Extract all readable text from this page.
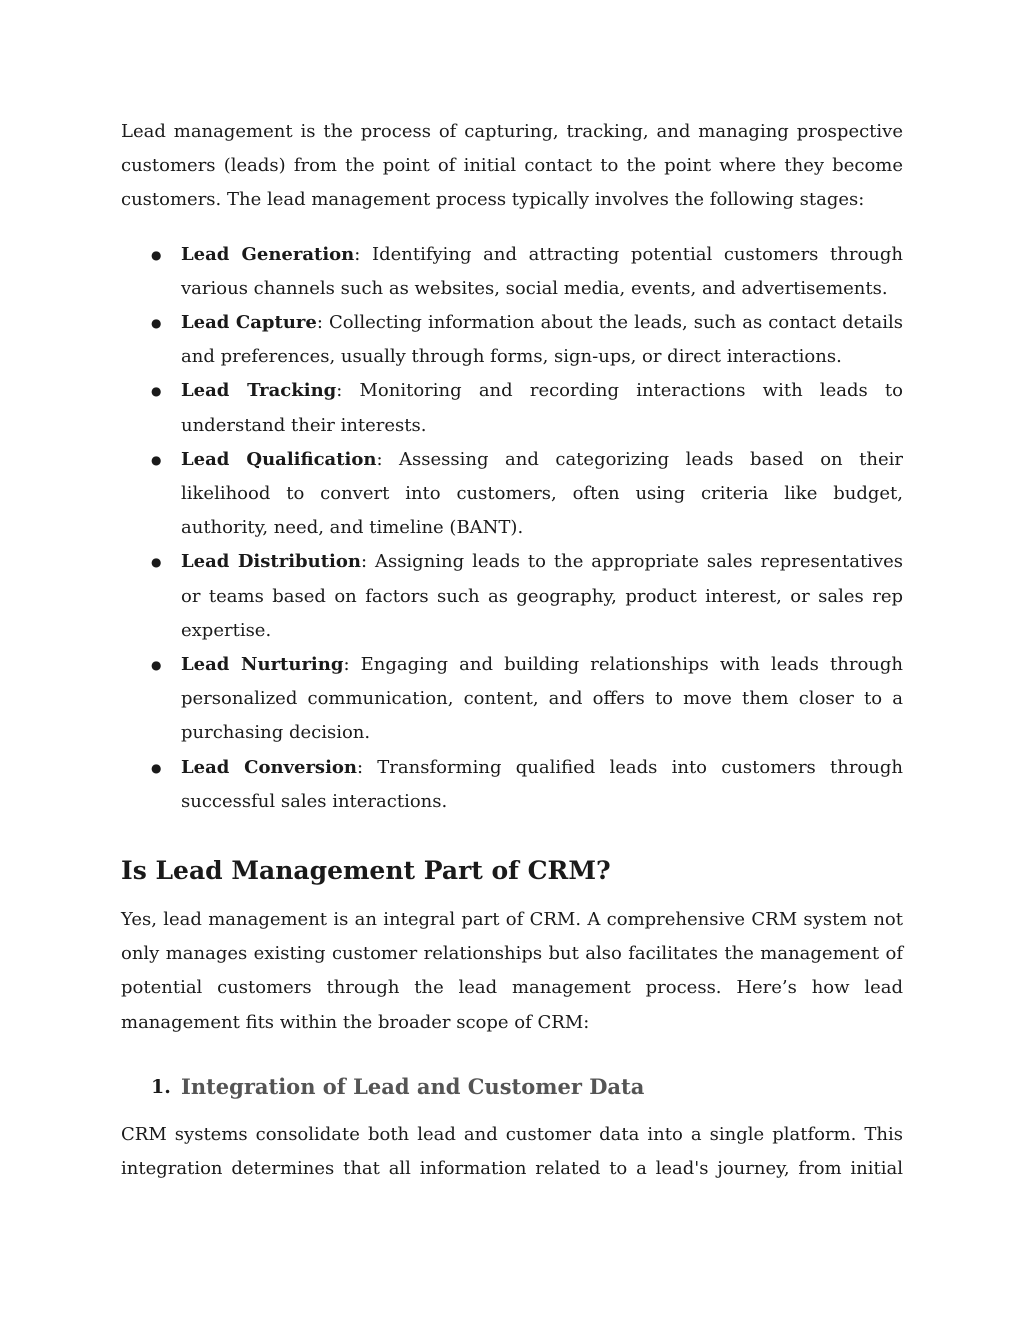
Lead management is the process of capturing, tracking, and managing prospective customers (leads) from the point of initial contact to the point where they become customers. The lead management process typically involves the following stages:

● Lead Generation: Identifying and attracting potential customers through various channels such as websites, social media, events, and advertisements.
● Lead Capture: Collecting information about the leads, such as contact details and preferences, usually through forms, sign-ups, or direct interactions.
● Lead Tracking: Monitoring and recording interactions with leads to understand their interests.
● Lead Qualification: Assessing and categorizing leads based on their likelihood to convert into customers, often using criteria like budget, authority, need, and timeline (BANT).
● Lead Distribution: Assigning leads to the appropriate sales representatives or teams based on factors such as geography, product interest, or sales rep expertise.
● Lead Nurturing: Engaging and building relationships with leads through personalized communication, content, and offers to move them closer to a purchasing decision.
● Lead Conversion: Transforming qualified leads into customers through successful sales interactions.
Is Lead Management Part of CRM?

Yes, lead management is an integral part of CRM. A comprehensive CRM system not only manages existing customer relationships but also facilitates the management of potential customers through the lead management process. Here’s how lead management fits within the broader scope of CRM:

1. Integration of Lead and Customer Data

CRM systems consolidate both lead and customer data into a single platform. This integration determines that all information related to a lead's journey, from initial
